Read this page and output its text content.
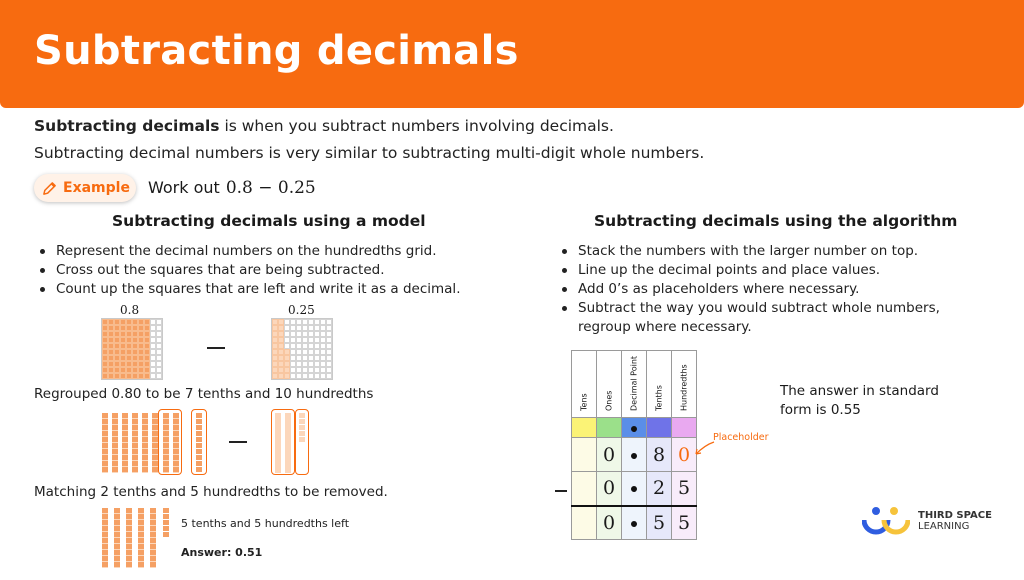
Subtracting decimals
Subtracting decimals is when you subtract numbers involving decimals.
Subtracting decimal numbers is very similar to subtracting multi-digit whole numbers.
Example Work out 0.8 − 0.25
Subtracting decimals using a model
Represent the decimal numbers on the hundredths grid.
Cross out the squares that are being subtracted.
Count up the squares that are left and write it as a decimal.
0.8	0.25
Regrouped 0.80 to be 7 tenths and 10 hundredths
Matching 2 tenths and 5 hundredths to be removed.
5 tenths and 5 hundredths left
Answer: 0.51
Subtracting decimals using the algorithm
Stack the numbers with the larger number on top.
Line up the decimal points and place values.
Add 0’s as placeholders where necessary.
Subtract the way you would subtract whole numbers, regroup where necessary.
Tens	Ones	Decimal Point	Tenths	Hundredths

	0		8	0
	0		2	5
	0		5	5
Placeholder
The answer in standard
form is 0.55
THIRD SPACE
LEARNING
